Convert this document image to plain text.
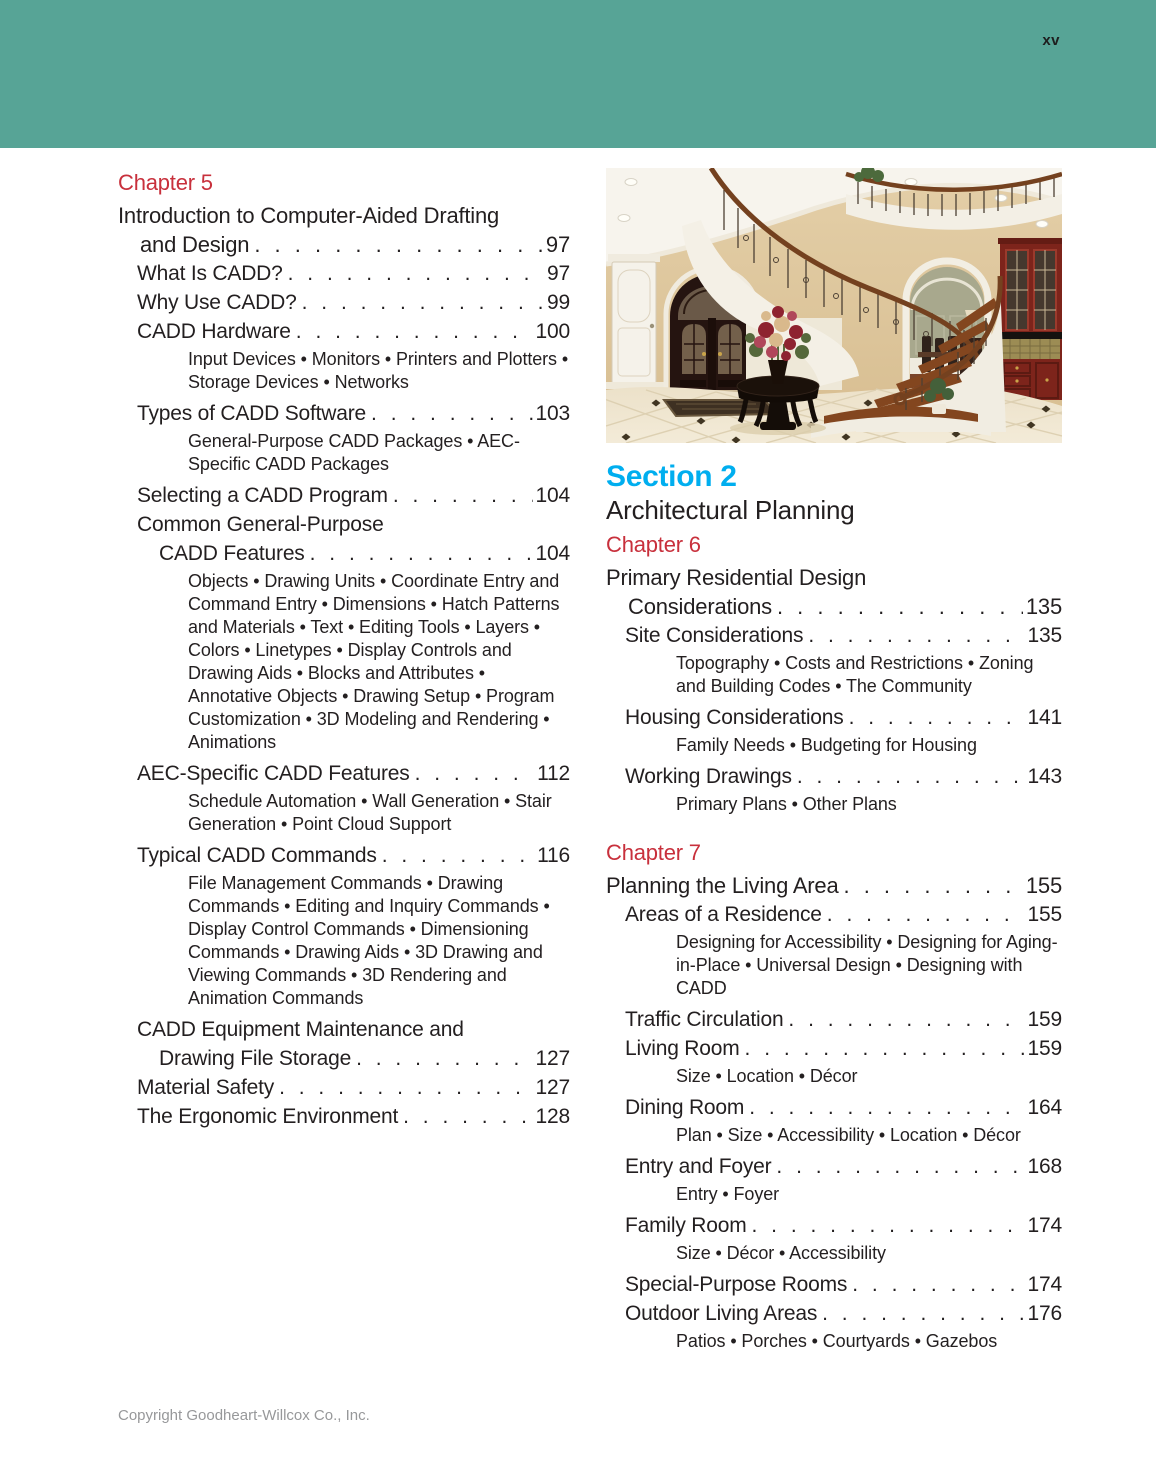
xv
Chapter 5
Introduction to Computer-Aided Drafting
and Design . . .	97
What Is CADD? . . .	97
Why Use CADD? . . .	99
CADD Hardware . . .	100
Input Devices • Monitors • Printers and Plotters • Storage Devices • Networks
Types of CADD Software . . .	103
General-Purpose CADD Packages • AEC-Specific CADD Packages
Selecting a CADD Program . . .	104
Common General-Purpose
CADD Features . . .	104
Objects • Drawing Units • Coordinate Entry and Command Entry • Dimensions • Hatch Patterns and Materials • Text • Editing Tools • Layers • Colors • Linetypes • Display Controls and Drawing Aids • Blocks and Attributes • Annotative Objects • Drawing Setup • Program Customization • 3D Modeling and Rendering • Animations
AEC-Specific CADD Features . . .	112
Schedule Automation • Wall Generation • Stair Generation • Point Cloud Support
Typical CADD Commands . . .	116
File Management Commands • Drawing Commands • Editing and Inquiry Commands • Display Control Commands • Dimensioning Commands • Drawing Aids • 3D Drawing and Viewing Commands • 3D Rendering and Animation Commands
CADD Equipment Maintenance and
Drawing File Storage . . .	127
Material Safety . . .	127
The Ergonomic Environment . . .	128
Section 2
Architectural Planning
Chapter 6
Primary Residential Design
Considerations . . .	135
Site Considerations . . .	135
Topography • Costs and Restrictions • Zoning and Building Codes • The Community
Housing Considerations . . .	141
Family Needs • Budgeting for Housing
Working Drawings . . .	143
Primary Plans • Other Plans
Chapter 7
Planning the Living Area . . .	155
Areas of a Residence . . .	155
Designing for Accessibility • Designing for Aging-in-Place • Universal Design • Designing with CADD
Traffic Circulation . . .	159
Living Room . . .	159
Size • Location • Décor
Dining Room . . .	164
Plan • Size • Accessibility • Location • Décor
Entry and Foyer . . .	168
Entry • Foyer
Family Room . . .	174
Size • Décor • Accessibility
Special-Purpose Rooms . . .	174
Outdoor Living Areas . . .	176
Patios • Porches • Courtyards • Gazebos
Copyright Goodheart-Willcox Co., Inc.
